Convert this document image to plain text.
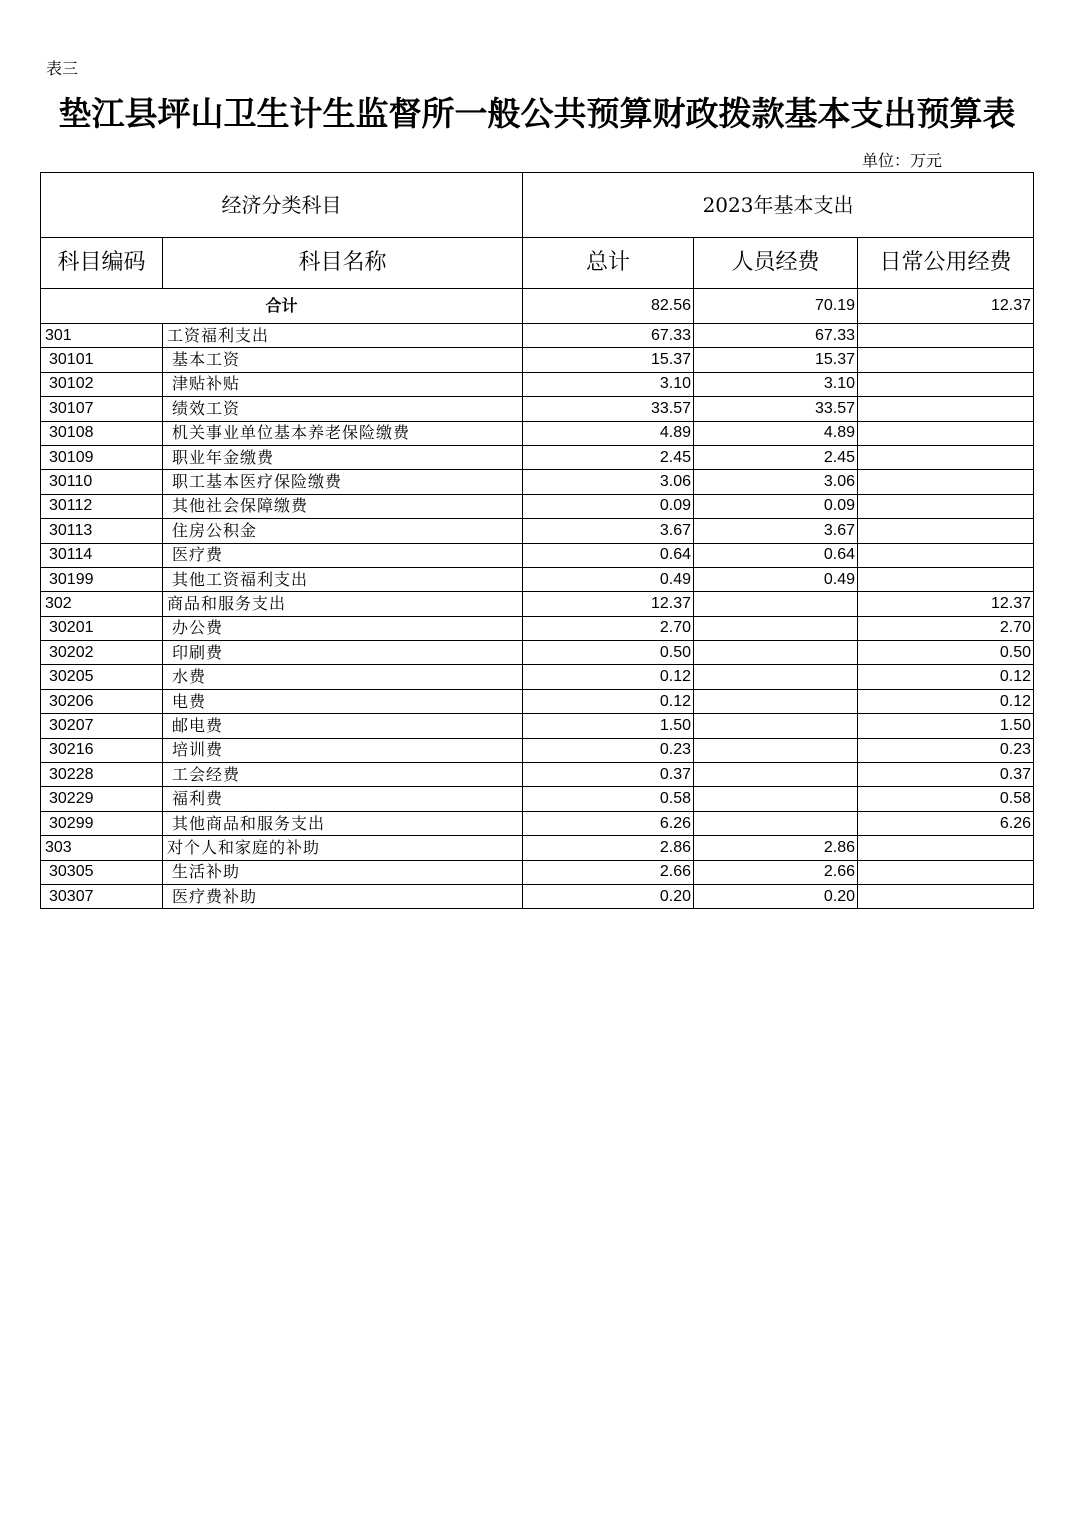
表三
垫江县坪山卫生计生监督所一般公共预算财政拨款基本支出预算表
单位：万元
经济分类科目		2023年基本支出		
科目编码	科目名称	总计	人员经费	日常公用经费
合计		82.56	70.19	12.37
301	工资福利支出	67.33	67.33	
30101	基本工资	15.37	15.37	
30102	津贴补贴	3.10	3.10	
30107	绩效工资	33.57	33.57	
30108	机关事业单位基本养老保险缴费	4.89	4.89	
30109	职业年金缴费	2.45	2.45	
30110	职工基本医疗保险缴费	3.06	3.06	
30112	其他社会保障缴费	0.09	0.09	
30113	住房公积金	3.67	3.67	
30114	医疗费	0.64	0.64	
30199	其他工资福利支出	0.49	0.49	
302	商品和服务支出	12.37		12.37
30201	办公费	2.70		2.70
30202	印刷费	0.50		0.50
30205	水费	0.12		0.12
30206	电费	0.12		0.12
30207	邮电费	1.50		1.50
30216	培训费	0.23		0.23
30228	工会经费	0.37		0.37
30229	福利费	0.58		0.58
30299	其他商品和服务支出	6.26		6.26
303	对个人和家庭的补助	2.86	2.86	
30305	生活补助	2.66	2.66	
30307	医疗费补助	0.20	0.20	
